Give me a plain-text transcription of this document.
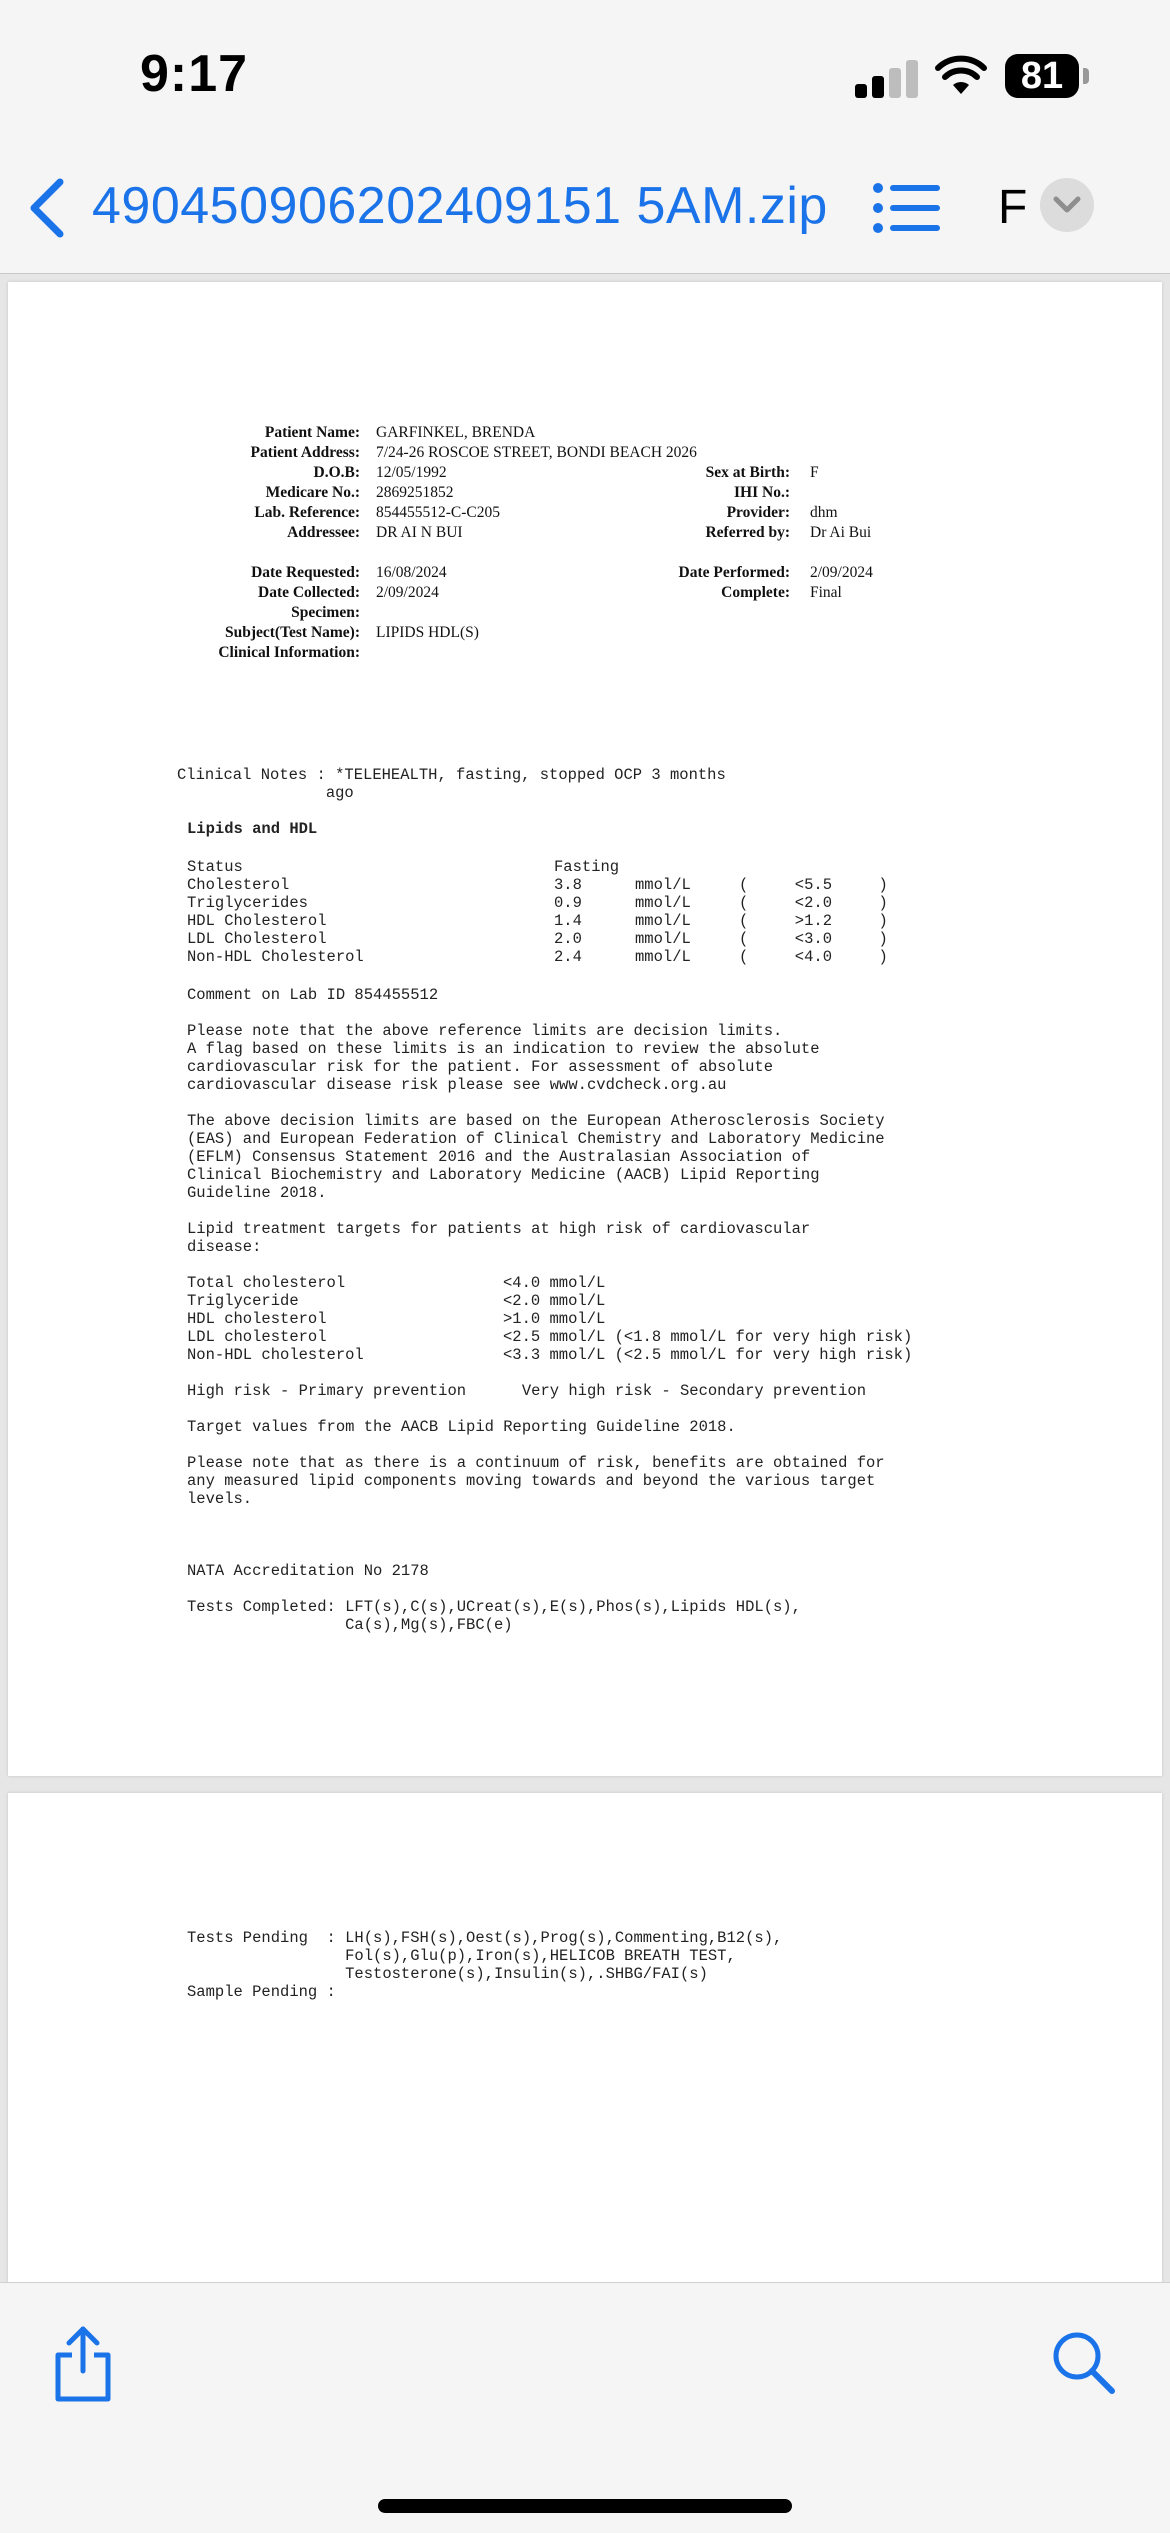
9:17	81
490450906202409151 5AM.zip	F
Patient Name: GARFINKEL, BRENDA
Patient Address: 7/24-26 ROSCOE STREET, BONDI BEACH 2026
D.O.B: 12/05/1992	Sex at Birth: F
Medicare No.: 2869251852	IHI No.:
Lab. Reference: 854455512-C-C205	Provider: dhm
Addressee: DR AI N BUI	Referred by: Dr Ai Bui
Date Requested: 16/08/2024	Date Performed: 2/09/2024
Date Collected: 2/09/2024	Complete: Final
Specimen:
Subject(Test Name): LIPIDS HDL(S)
Clinical Information:
Clinical Notes : *TELEHEALTH, fasting, stopped OCP 3 months
ago
Lipids and HDL
Status	Fasting
Cholesterol	3.8	mmol/L	(     <5.5     )
Triglycerides	0.9	mmol/L	(     <2.0     )
HDL Cholesterol	1.4	mmol/L	(     >1.2     )
LDL Cholesterol	2.0	mmol/L	(     <3.0     )
Non-HDL Cholesterol	2.4	mmol/L	(     <4.0     )
Comment on Lab ID 854455512
Please note that the above reference limits are decision limits.
A flag based on these limits is an indication to review the absolute
cardiovascular risk for the patient. For assessment of absolute
cardiovascular disease risk please see www.cvdcheck.org.au
The above decision limits are based on the European Atherosclerosis Society
(EAS) and European Federation of Clinical Chemistry and Laboratory Medicine
(EFLM) Consensus Statement 2016 and the Australasian Association of
Clinical Biochemistry and Laboratory Medicine (AACB) Lipid Reporting
Guideline 2018.
Lipid treatment targets for patients at high risk of cardiovascular
disease:
Total cholesterol	<4.0 mmol/L
Triglyceride	<2.0 mmol/L
HDL cholesterol	>1.0 mmol/L
LDL cholesterol	<2.5 mmol/L (<1.8 mmol/L for very high risk)
Non-HDL cholesterol	<3.3 mmol/L (<2.5 mmol/L for very high risk)
High risk - Primary prevention      Very high risk - Secondary prevention
Target values from the AACB Lipid Reporting Guideline 2018.
Please note that as there is a continuum of risk, benefits are obtained for
any measured lipid components moving towards and beyond the various target
levels.
NATA Accreditation No 2178
Tests Completed: LFT(s),C(s),UCreat(s),E(s),Phos(s),Lipids HDL(s),
Ca(s),Mg(s),FBC(e)
Tests Pending  : LH(s),FSH(s),Oest(s),Prog(s),Commenting,B12(s),
Fol(s),Glu(p),Iron(s),HELICOB BREATH TEST,
Testosterone(s),Insulin(s),.SHBG/FAI(s)
Sample Pending :
